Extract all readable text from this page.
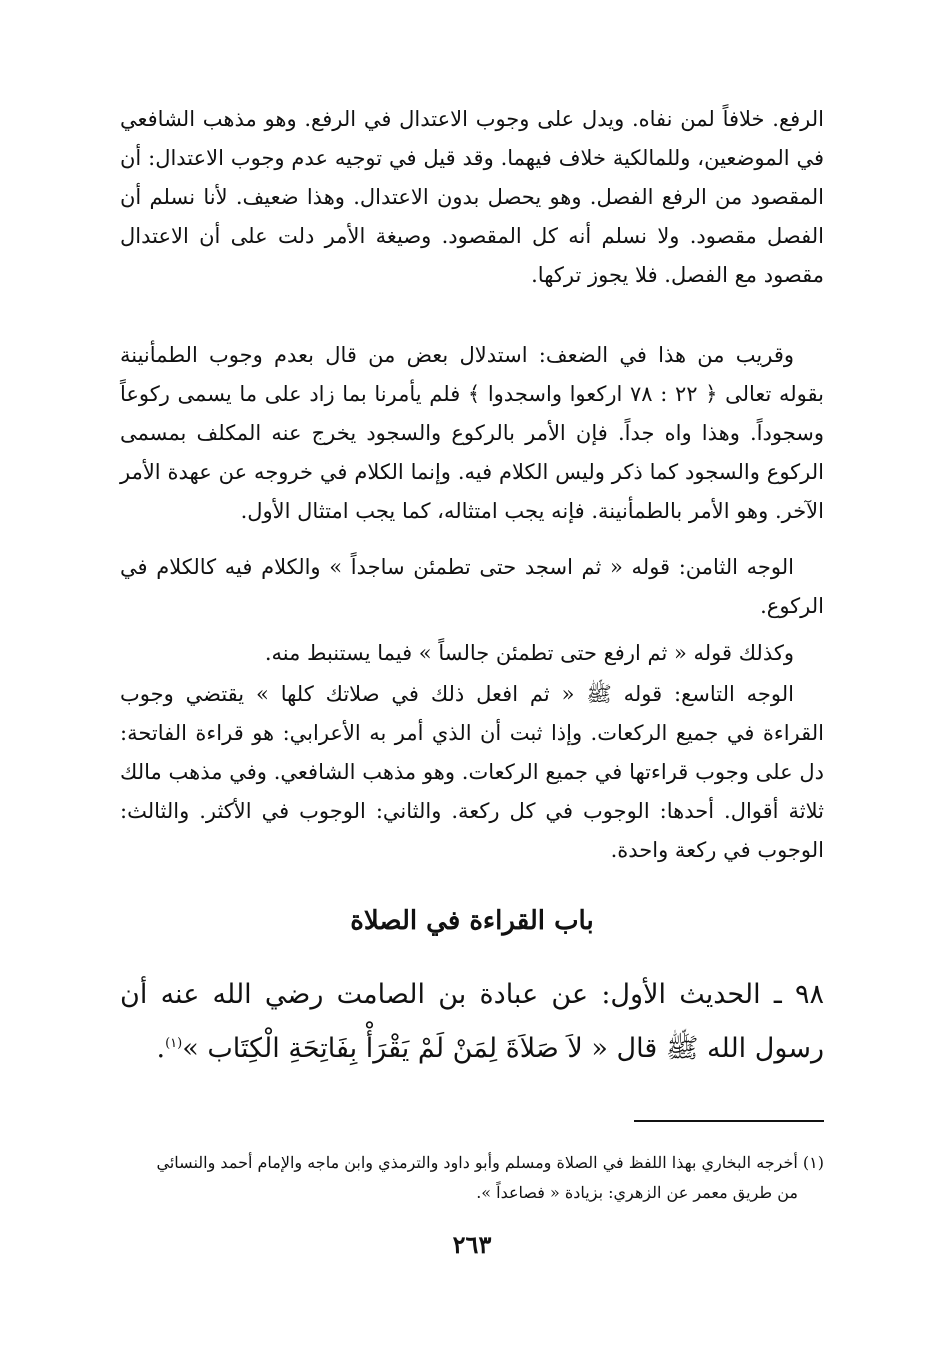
الرفع. خلافاً لمن نفاه. ويدل على وجوب الاعتدال في الرفع. وهو مذهب الشافعي في الموضعين، وللمالكية خلاف فيهما. وقد قيل في توجيه عدم وجوب الاعتدال: أن المقصود من الرفع الفصل. وهو يحصل بدون الاعتدال. وهذا ضعيف. لأنا نسلم أن الفصل مقصود. ولا نسلم أنه كل المقصود. وصيغة الأمر دلت على أن الاعتدال مقصود مع الفصل. فلا يجوز تركها.

وقريب من هذا في الضعف: استدلال بعض من قال بعدم وجوب الطمأنينة بقوله تعالى ﴿ ٢٢ : ٧٨ اركعوا واسجدوا ﴾ فلم يأمرنا بما زاد على ما يسمى ركوعاً وسجوداً. وهذا واه جداً. فإن الأمر بالركوع والسجود يخرج عنه المكلف بمسمى الركوع والسجود كما ذكر وليس الكلام فيه. وإنما الكلام في خروجه عن عهدة الأمر الآخر. وهو الأمر بالطمأنينة. فإنه يجب امتثاله، كما يجب امتثال الأول.

الوجه الثامن: قوله « ثم اسجد حتى تطمئن ساجداً » والكلام فيه كالكلام في الركوع.

وكذلك قوله « ثم ارفع حتى تطمئن جالساً » فيما يستنبط منه.

الوجه التاسع: قوله ﷺ « ثم افعل ذلك في صلاتك كلها » يقتضي وجوب القراءة في جميع الركعات. وإذا ثبت أن الذي أمر به الأعرابي: هو قراءة الفاتحة: دل على وجوب قراءتها في جميع الركعات. وهو مذهب الشافعي. وفي مذهب مالك ثلاثة أقوال. أحدها: الوجوب في كل ركعة. والثاني: الوجوب في الأكثر. والثالث: الوجوب في ركعة واحدة.

باب القراءة في الصلاة

٩٨ ـ الحديث الأول: عن عبادة بن الصامت رضي الله عنه أن رسول الله ﷺ قال « لاَ صَلاَةَ لِمَنْ لَمْ يَقْرَأْ بِفَاتِحَةِ الْكِتَاب »$^{(١)}$.

(١) أخرجه البخاري بهذا اللفظ في الصلاة ومسلم وأبو داود والترمذي وابن ماجه والإمام أحمد والنسائي
من طريق معمر عن الزهري: بزيادة « فصاعداً ».

٢٦٣
